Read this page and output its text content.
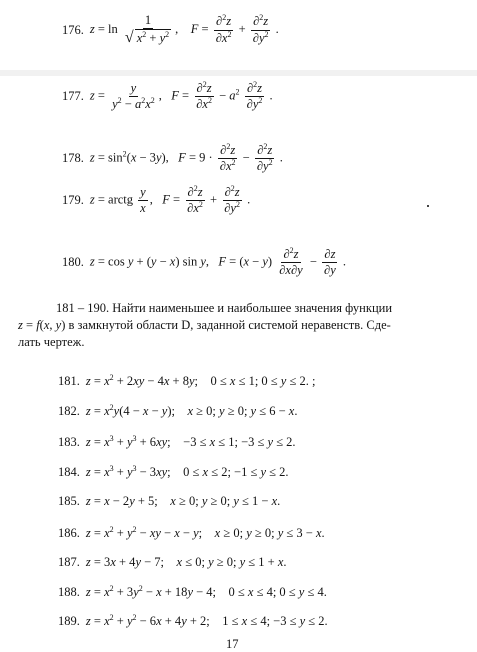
176. $z = \ln \frac{1}{√ x^2 + y^2}$ ,    $F = \frac{\partial^2z}{\partial x^2} + \frac{\partial^2z}{\partial y^2}$ .
177. $z = \frac{y}{y^2 - a^2x^2}$ ,   $F = \frac{\partial^2z}{\partial x^2} - a^2 \frac{\partial^2z}{\partial y^2}$ .
178. $z = \sin^2(x - 3y)$,   $F = 9 \cdot \frac{\partial^2z}{\partial x^2} - \frac{\partial^2z}{\partial y^2}$ .
179. z = arctg $\frac{y}{x}$ ,   $F = \frac{\partial^2z}{\partial x^2} + \frac{\partial^2z}{\partial y^2}$ .
180. z = cos y + (y − x) sin y,   $F = (x - y) \frac{\partial^2z}{\partial x\partial y} - \frac{\partial z}{\partial y}$ .
181 – 190. Найти наименьшее и наибольшее значения функции
z = f(x, y) в замкнутой области D, заданной системой неравенств. Сде-
лать чертеж.
181. $z = x^2 + 2xy - 4x + 8y$;    0 ≤ x ≤ 1; 0 ≤ y ≤ 2. ;
182. $z = x^2y(4 - x - y)$;    x ≥ 0; y ≥ 0; y ≤ 6 − x.
183. $z = x^3 + y^3 + 6xy$;    −3 ≤ x ≤ 1; −3 ≤ y ≤ 2.
184. $z = x^3 + y^3 - 3xy$;    0 ≤ x ≤ 2; −1 ≤ y ≤ 2.
185. z = x − 2y + 5;    x ≥ 0; y ≥ 0; y ≤ 1 − x.
186. $z = x^2 + y^2$ − xy − x − y;    x ≥ 0; y ≥ 0; y ≤ 3 − x.
187. z = 3x + 4y − 7;    x ≤ 0; y ≥ 0; y ≤ 1 + x.
188. $z = x^2 + 3y^2 - x + 18y - 4$;    0 ≤ x ≤ 4; 0 ≤ y ≤ 4.
189. $z = x^2 + y^2 - 6x + 4y + 2$;    1 ≤ x ≤ 4; −3 ≤ y ≤ 2.
17
